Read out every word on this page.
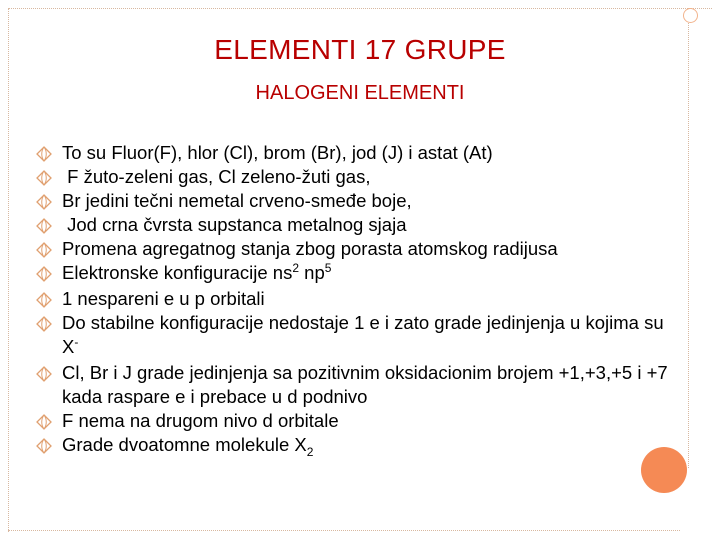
ELEMENTI 17 GRUPE
HALOGENI ELEMENTI
To su Fluor(F), hlor (Cl), brom (Br), jod (J) i astat (At)
F žuto-zeleni gas, Cl zeleno-žuti gas,
Br jedini tečni nemetal crveno-smeđe boje,
Jod crna čvrsta supstanca metalnog sjaja
Promena agregatnog stanja zbog porasta atomskog radijusa
Elektronske konfiguracije $ns^2$ $np^5$
1 nespareni e u p orbitali
Do stabilne konfiguracije nedostaje 1 e i zato grade jedinjenja u kojima su X-
Cl, Br i J grade jedinjenja sa pozitivnim oksidacionim brojem +1,+3,+5 i +7 kada raspare e i prebace u d podnivo
F nema na drugom nivo d orbitale
Grade dvoatomne molekule $X_2$
